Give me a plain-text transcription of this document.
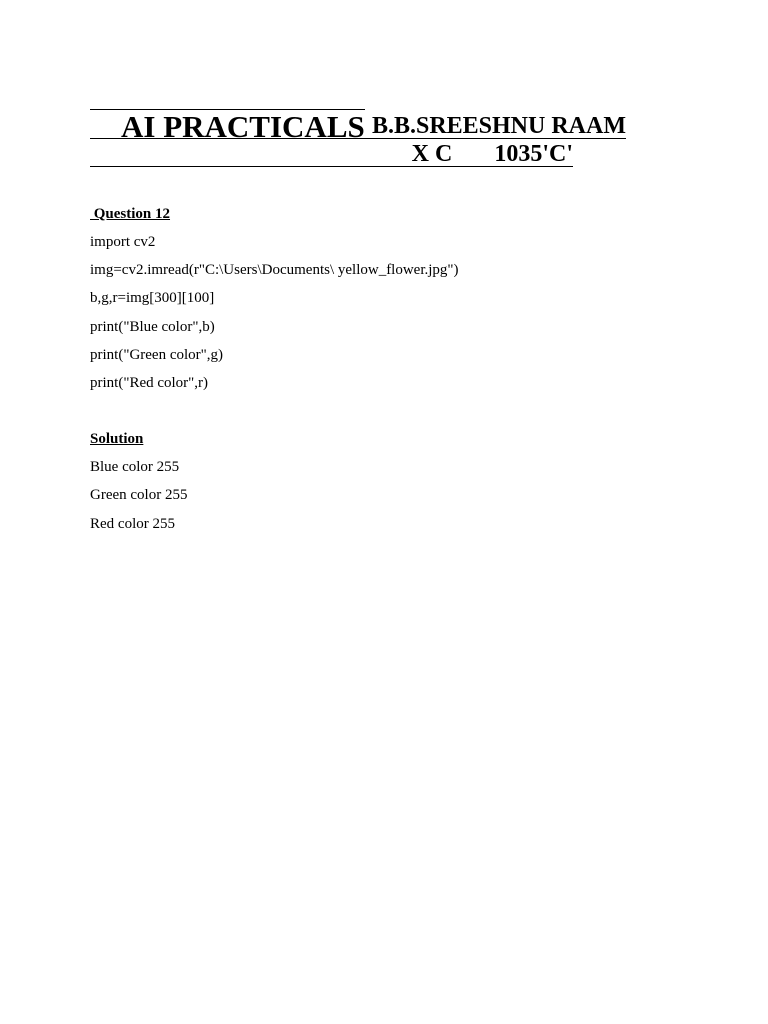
AI PRACTICALS
B.B.SREESHNU RAAM
X C 1035'C'
Question 12
import cv2
img=cv2.imread(r"C:\Users\Documents\ yellow_flower.jpg")
b,g,r=img[300][100]
print("Blue color",b)
print("Green color",g)
print("Red color",r)
Solution
Blue color 255
Green color 255
Red color 255
